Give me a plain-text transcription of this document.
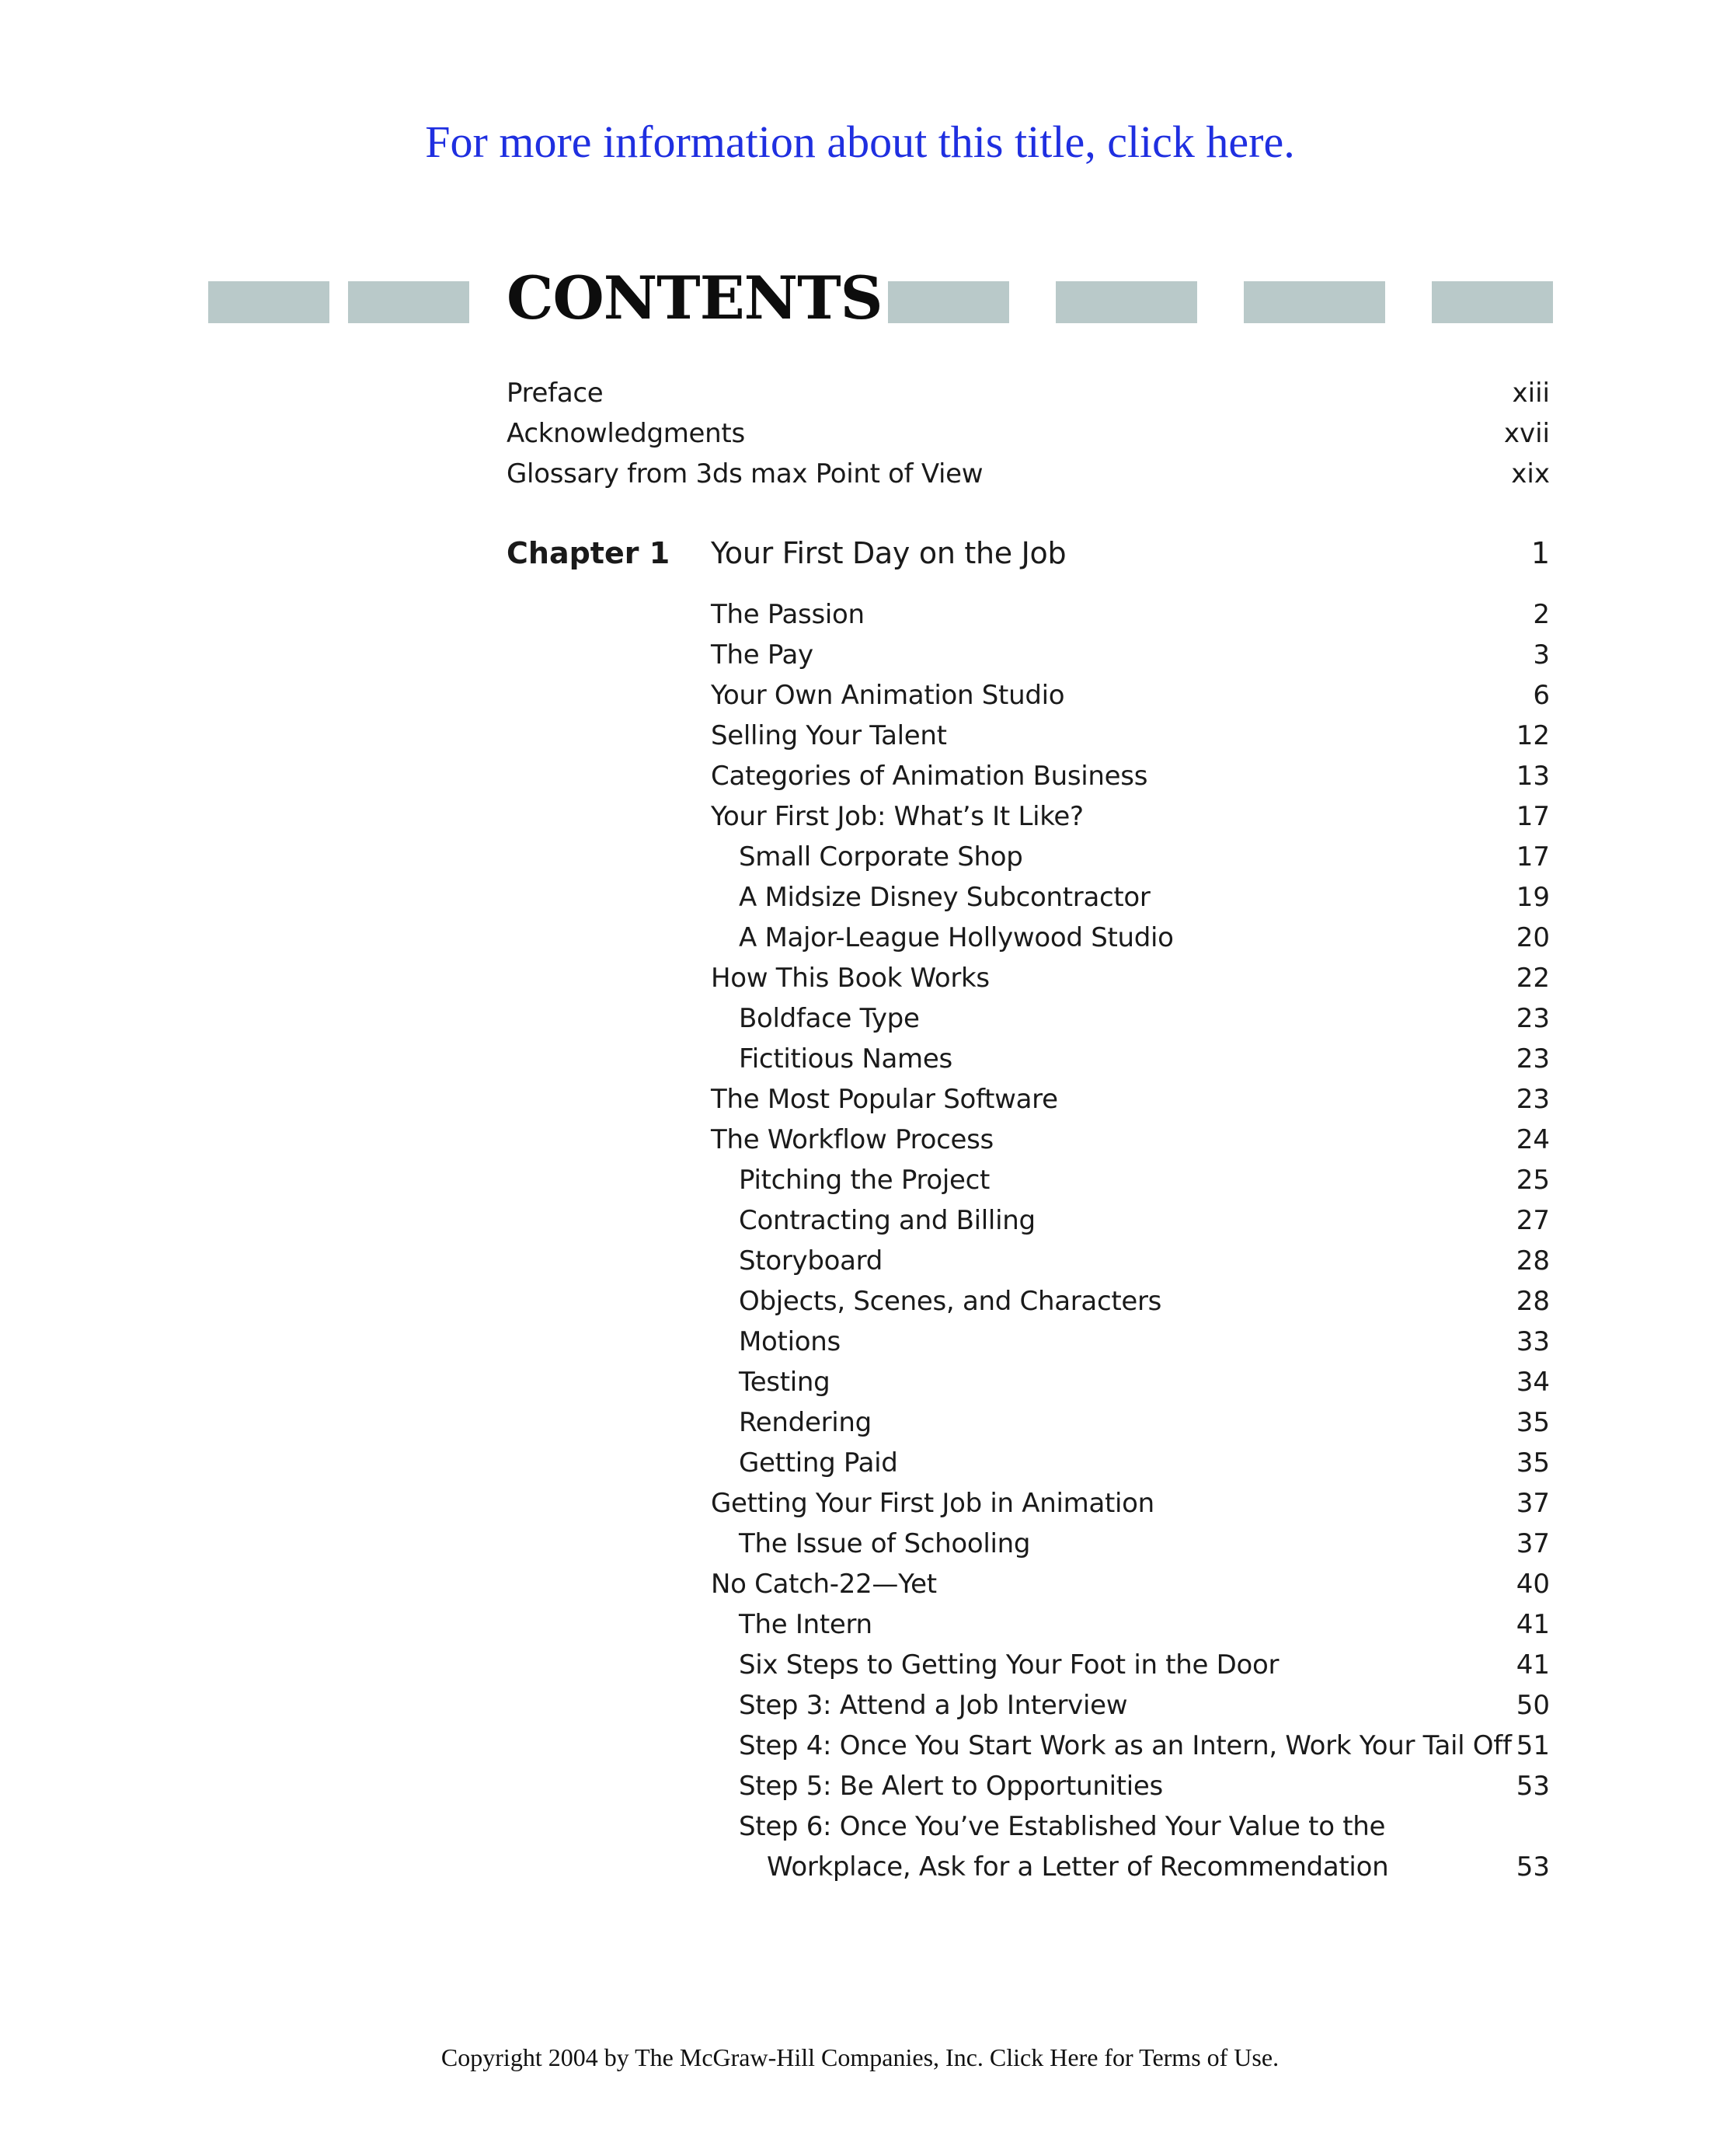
For more information about this title, click here.
CONTENTS
Preface	xiii
Acknowledgments	xvii
Glossary from 3ds max Point of View	xix
Chapter 1 Your First Day on the Job	1
The Passion	2
The Pay	3
Your Own Animation Studio	6
Selling Your Talent	12
Categories of Animation Business	13
Your First Job: What’s It Like?	17
Small Corporate Shop	17
A Midsize Disney Subcontractor	19
A Major-League Hollywood Studio	20
How This Book Works	22
Boldface Type	23
Fictitious Names	23
The Most Popular Software	23
The Workflow Process	24
Pitching the Project	25
Contracting and Billing	27
Storyboard	28
Objects, Scenes, and Characters	28
Motions	33
Testing	34
Rendering	35
Getting Paid	35
Getting Your First Job in Animation	37
The Issue of Schooling	37
No Catch-22—Yet	40
The Intern	41
Six Steps to Getting Your Foot in the Door	41
Step 3: Attend a Job Interview	50
Step 4: Once You Start Work as an Intern, Work Your Tail Off 51
Step 5: Be Alert to Opportunities	53
Step 6: Once You’ve Established Your Value to the
Workplace, Ask for a Letter of Recommendation	53
Copyright 2004 by The McGraw-Hill Companies, Inc. Click Here for Terms of Use.
